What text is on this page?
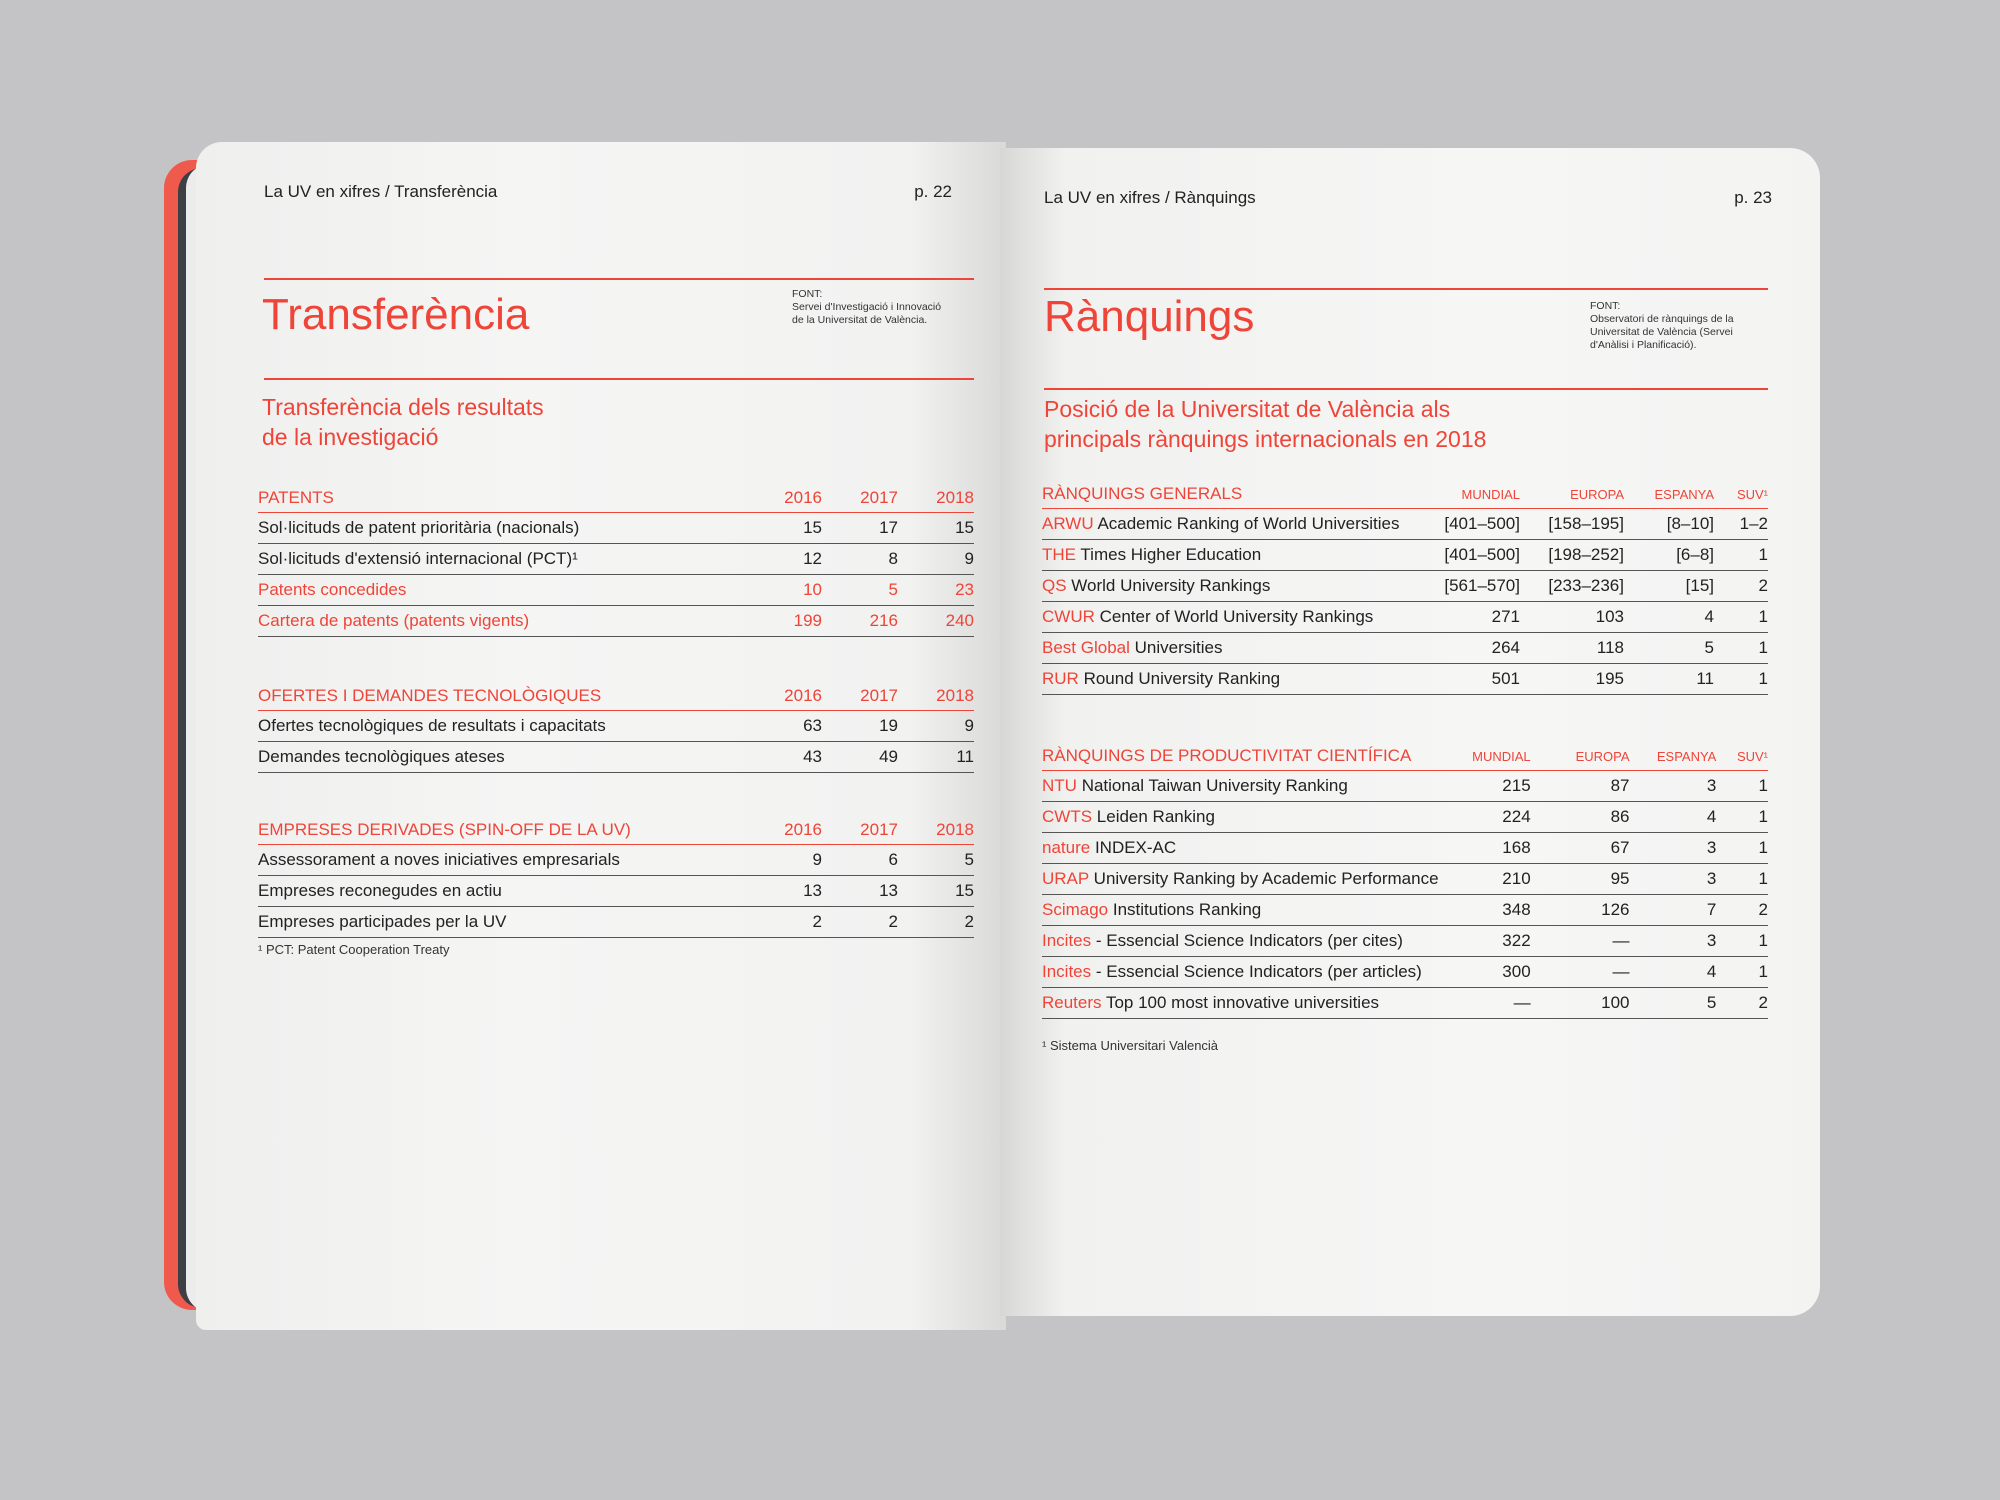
La UV en xifres / Transferència	p. 22
Transferència	FONT:
Servei d'Investigació i Innovació
de la Universitat de València.
Transferència dels resultats
de la investigació
PATENTS	2016	2017	2018
Sol·licituds de patent prioritària (nacionals)	15	17	15
Sol·licituds d'extensió internacional (PCT)¹	12	8	9
Patents concedides	10	5	23
Cartera de patents (patents vigents)	199	216	240
OFERTES I DEMANDES TECNOLÒGIQUES	2016	2017	2018
Ofertes tecnològiques de resultats i capacitats	63	19	9
Demandes tecnològiques ateses	43	49	11
EMPRESES DERIVADES (SPIN-OFF DE LA UV)	2016	2017	2018
Assessorament a noves iniciatives empresarials	9	6	5
Empreses reconegudes en actiu	13	13	15
Empreses participades per la UV	2	2	2
¹ PCT: Patent Cooperation Treaty
La UV en xifres / Rànquings	p. 23
Rànquings	FONT:
Observatori de rànquings de la
Universitat de València (Servei
d'Anàlisi i Planificació).
Posició de la Universitat de València als
principals rànquings internacionals en 2018
RÀNQUINGS GENERALS	MUNDIAL	EUROPA	ESPANYA	SUV¹
ARWU Academic Ranking of World Universities	[401–500]	[158–195]	[8–10]	1–2
THE Times Higher Education	[401–500]	[198–252]	[6–8]	1
QS World University Rankings	[561–570]	[233–236]	[15]	2
CWUR Center of World University Rankings	271	103	4	1
Best Global Universities	264	118	5	1
RUR Round University Ranking	501	195	11	1
RÀNQUINGS DE PRODUCTIVITAT CIENTÍFICA	MUNDIAL	EUROPA	ESPANYA	SUV¹
NTU National Taiwan University Ranking	215	87	3	1
CWTS Leiden Ranking	224	86	4	1
nature INDEX-AC	168	67	3	1
URAP University Ranking by Academic Performance	210	95	3	1
Scimago Institutions Ranking	348	126	7	2
Incites - Essencial Science Indicators (per cites)	322	—	3	1
Incites - Essencial Science Indicators (per articles)	300	—	4	1
Reuters Top 100 most innovative universities	—	100	5	2
¹ Sistema Universitari Valencià
